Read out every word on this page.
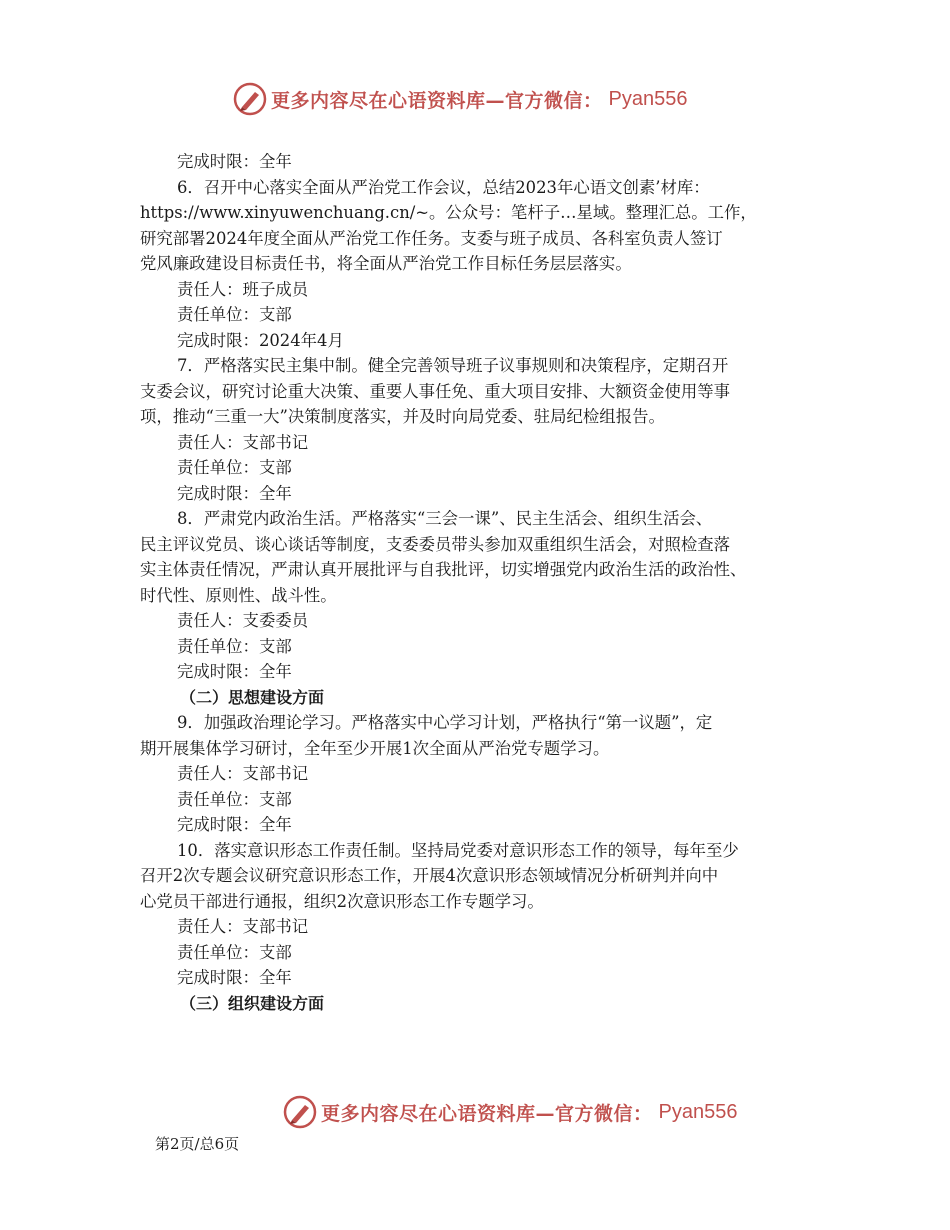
更多内容尽在心语资料库—官方微信： Pyan556
完成时限：全年
6．召开中心落实全面从严治党工作会议，总结2023年心语文创素’材库：
https://www.xinyuwenchuang.cn/~。公众号：笔杆子…星域。整理汇总。工作，
研究部署2024年度全面从严治党工作任务。支委与班子成员、各科室负责人签订
党风廉政建设目标责任书，将全面从严治党工作目标任务层层落实。
责任人：班子成员
责任单位：支部
完成时限：2024年4月
7．严格落实民主集中制。健全完善领导班子议事规则和决策程序，定期召开
支委会议，研究讨论重大决策、重要人事任免、重大项目安排、大额资金使用等事
项，推动“三重一大”决策制度落实，并及时向局党委、驻局纪检组报告。
责任人：支部书记
责任单位：支部
完成时限：全年
8．严肃党内政治生活。严格落实“三会一课”、民主生活会、组织生活会、
民主评议党员、谈心谈话等制度，支委委员带头参加双重组织生活会，对照检查落
实主体责任情况，严肃认真开展批评与自我批评，切实增强党内政治生活的政治性、
时代性、原则性、战斗性。
责任人：支委委员
责任单位：支部
完成时限：全年
（二）思想建设方面
9．加强政治理论学习。严格落实中心学习计划，严格执行“第一议题”，定
期开展集体学习研讨，全年至少开展1次全面从严治党专题学习。
责任人：支部书记
责任单位：支部
完成时限：全年
10．落实意识形态工作责任制。坚持局党委对意识形态工作的领导，每年至少
召开2次专题会议研究意识形态工作，开展4次意识形态领域情况分析研判并向中
心党员干部进行通报，组织2次意识形态工作专题学习。
责任人：支部书记
责任单位：支部
完成时限：全年
（三）组织建设方面
更多内容尽在心语资料库—官方微信： Pyan556
第2页/总6页
